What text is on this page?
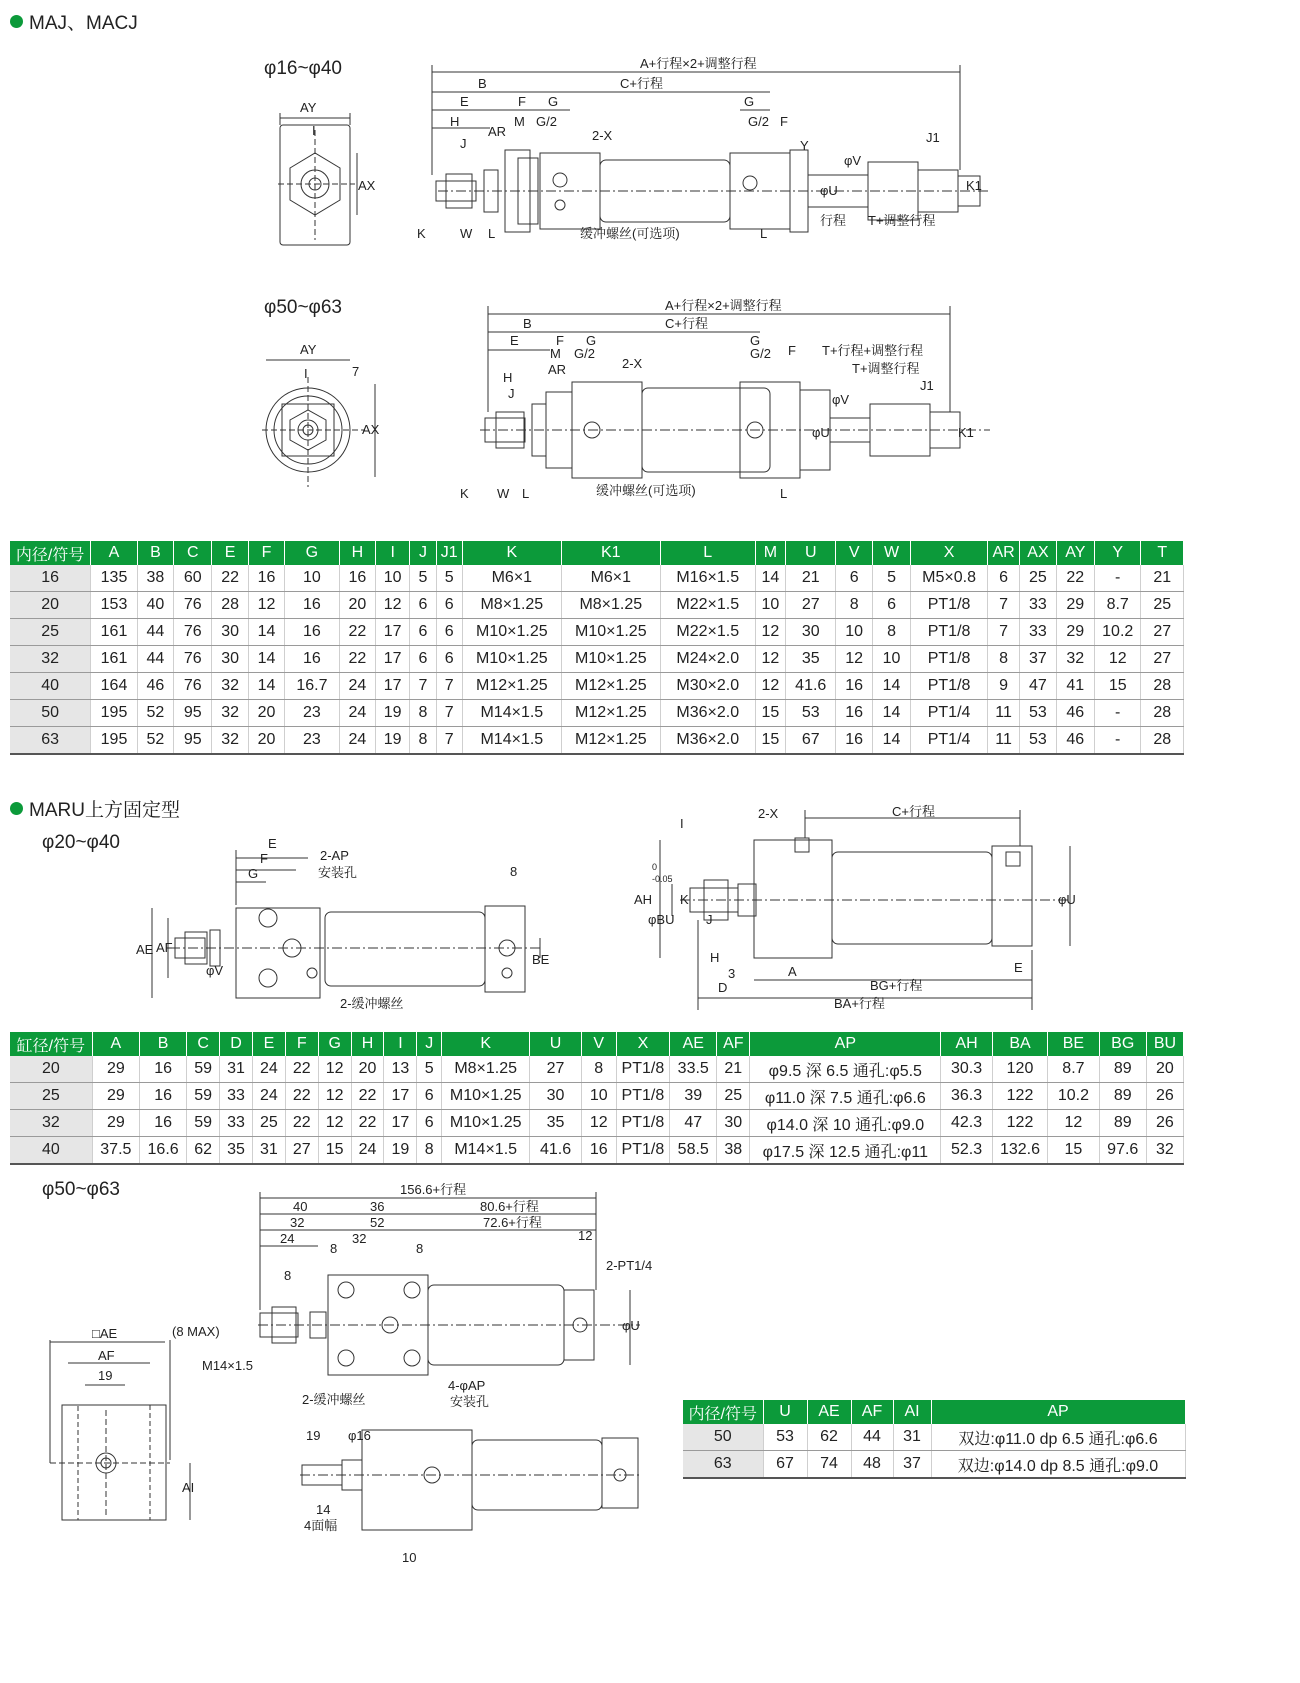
MAJ、MACJ
φ16~φ40
φ50~φ63
MARU上方固定型
φ20~φ40
φ50~φ63
A+行程×2+调整行程
C+行程
B
E
H
J
F
M
AR
G
G/2
2-X
G
G/2 F
Y
φV
φU
J1
K1
K	W L	缓冲螺丝(可选项)	L
行程 T+调整行程
AY
I
AX
A+行程×2+调整行程
C+行程
B
E	F
M
G
G/2
AR
H
J
2-X
G
G/2 F T+行程+调整行程
T+调整行程
J1
φV
φU	K1
K W L	缓冲螺丝(可选项)	L
AY
I	7
AX
内径/符号	A	B	C	E	F	G	H	I	J	J1	K	K1	L	M	U	V	W	X	AR	AX	AY	Y	T
16	135	38	60	22	16	10	16	10	5	5	M6×1	M6×1	M16×1.5	14	21	6	5	M5×0.8	6	25	22	-	21
20	153	40	76	28	12	16	20	12	6	6	M8×1.25	M8×1.25	M22×1.5	10	27	8	6	PT1/8	7	33	29	8.7	25
25	161	44	76	30	14	16	22	17	6	6	M10×1.25	M10×1.25	M22×1.5	12	30	10	8	PT1/8	7	33	29	10.2	27
32	161	44	76	30	14	16	22	17	6	6	M10×1.25	M10×1.25	M24×2.0	12	35	12	10	PT1/8	8	37	32	12	27
40	164	46	76	32	14	16.7	24	17	7	7	M12×1.25	M12×1.25	M30×2.0	12	41.6	16	14	PT1/8	9	47	41	15	28
50	195	52	95	32	20	23	24	19	8	7	M14×1.5	M12×1.25	M36×2.0	15	53	16	14	PT1/4	11	53	46	-	28
63	195	52	95	32	20	23	24	19	8	7	M14×1.5	M12×1.25	M36×2.0	15	67	16	14	PT1/4	11	53	46	-	28
E
F
G
2-AP
安装孔	8
AE AF
φV
BE
2-缓冲螺丝
2-X	C+行程
I
AH
φBU
0
-0.05
K
J
H
3
D
A
BG+行程
BA+行程
E
φU
缸径/符号	A	B	C	D	E	F	G	H	I	J	K	U	V	X	AE	AF	AP	AH	BA	BE	BG	BU
20	29	16	59	31	24	22	12	20	13	5	M8×1.25	27	8	PT1/8	33.5	21	φ9.5 深 6.5 通孔:φ5.5	30.3	120	8.7	89	20
25	29	16	59	33	24	22	12	22	17	6	M10×1.25	30	10	PT1/8	39	25	φ11.0 深 7.5 通孔:φ6.6	36.3	122	10.2	89	26
32	29	16	59	33	25	22	12	22	17	6	M10×1.25	35	12	PT1/8	47	30	φ14.0 深 10 通孔:φ9.0	42.3	122	12	89	26
40	37.5	16.6	62	35	31	27	15	24	19	8	M14×1.5	41.6	16	PT1/8	58.5	38	φ17.5 深 12.5 通孔:φ11	52.3	132.6	15	97.6	32
156.6+行程
40	36	80.6+行程
32	52	72.6+行程
24
8
32
8
12
2-PT1/4
8
φU
□AE	(8 MAX)
AF
19
M14×1.5
2-缓冲螺丝
4-φAP
安装孔
AI
19 φ16
14
4面幅
10
内径/符号	U	AE	AF	AI	AP
50	53	62	44	31	双边:φ11.0 dp 6.5 通孔:φ6.6
63	67	74	48	37	双边:φ14.0 dp 8.5 通孔:φ9.0
